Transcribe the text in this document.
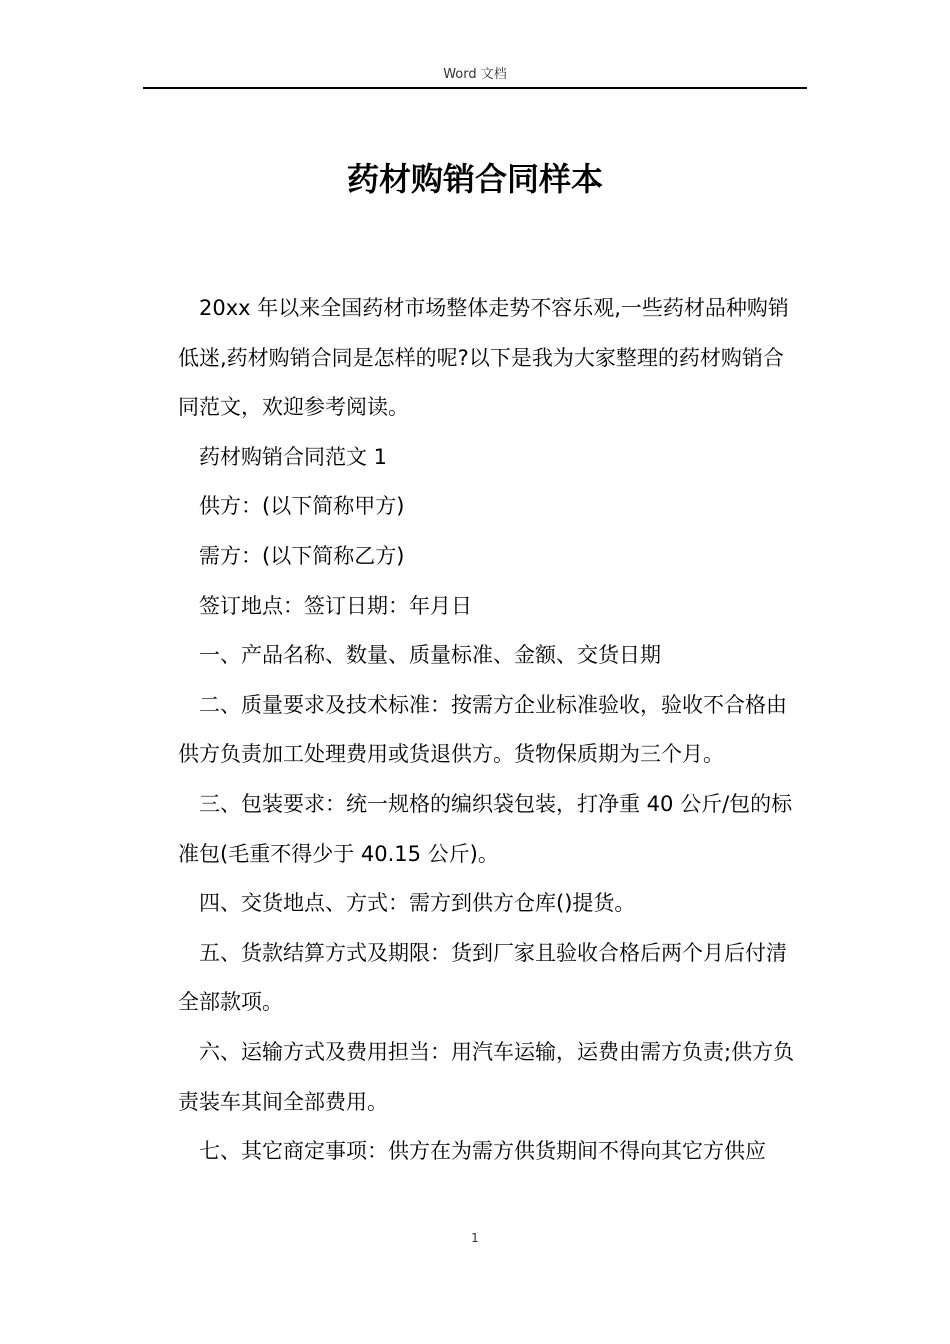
Word 文档
药材购销合同样本

20xx 年以来全国药材市场整体走势不容乐观,一些药材品种购销低迷,药材购销合同是怎样的呢?以下是我为大家整理的药材购销合同范文，欢迎参考阅读。

药材购销合同范文 1

供方：(以下简称甲方)

需方：(以下简称乙方)

签订地点：签订日期：年月日

一、产品名称、数量、质量标准、金额、交货日期

二、质量要求及技术标准：按需方企业标准验收，验收不合格由供方负责加工处理费用或货退供方。货物保质期为三个月。

三、包装要求：统一规格的编织袋包装，打净重 40 公斤/包的标准包(毛重不得少于 40.15 公斤)。

四、交货地点、方式：需方到供方仓库()提货。

五、货款结算方式及期限：货到厂家且验收合格后两个月后付清全部款项。

六、运输方式及费用担当：用汽车运输，运费由需方负责;供方负责装车其间全部费用。

七、其它商定事项：供方在为需方供货期间不得向其它方供应

1
